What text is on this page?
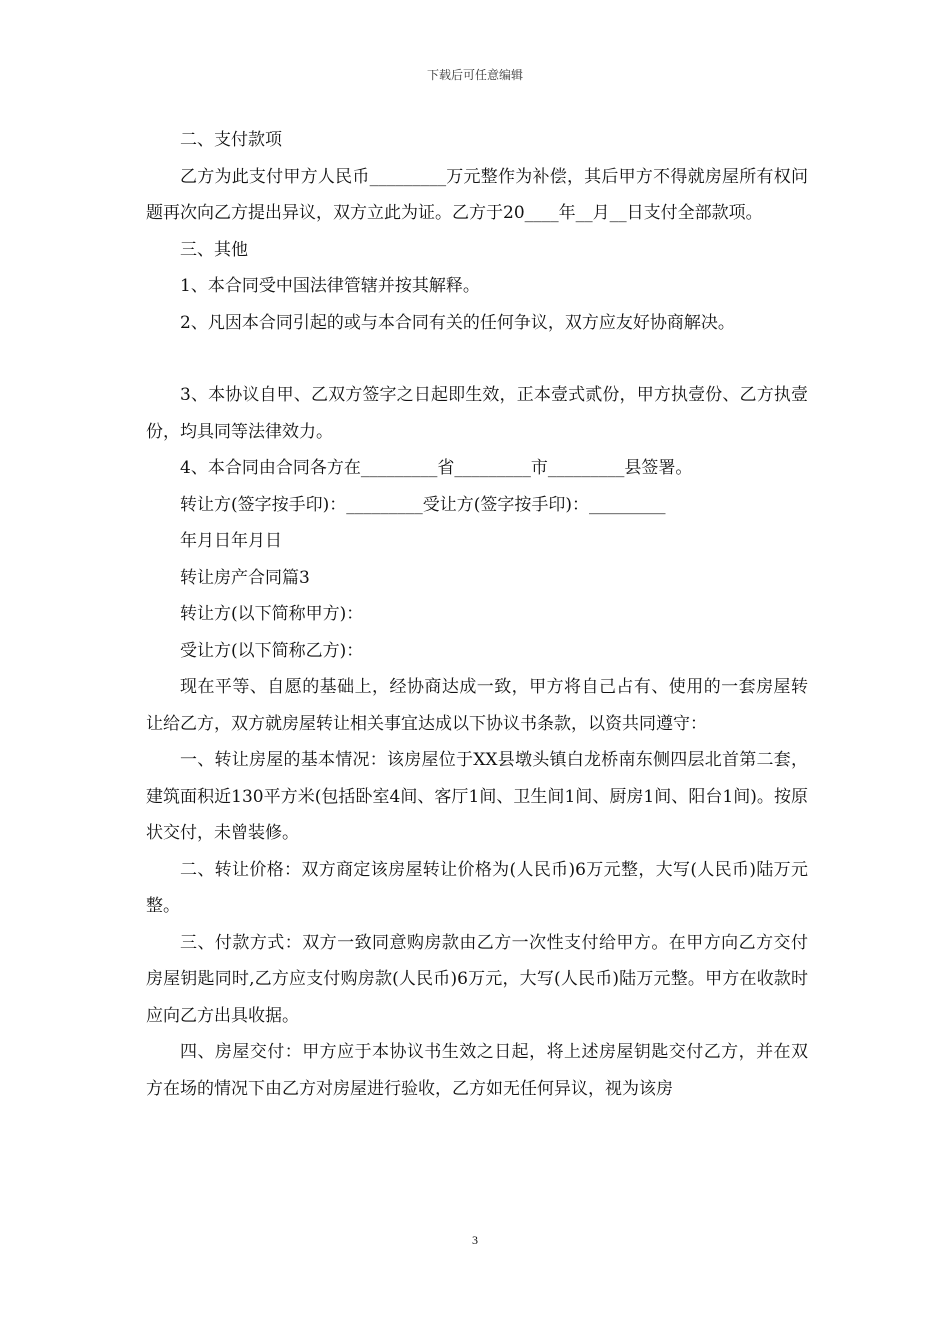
下载后可任意编辑

二、支付款项

乙方为此支付甲方人民币_________万元整作为补偿，其后甲方不得就房屋所有权问题再次向乙方提出异议，双方立此为证。乙方于20____年__月__日支付全部款项。

三、其他

1、本合同受中国法律管辖并按其解释。

2、凡因本合同引起的或与本合同有关的任何争议，双方应友好协商解决。

3、本协议自甲、乙双方签字之日起即生效，正本壹式贰份，甲方执壹份、乙方执壹份，均具同等法律效力。

4、本合同由合同各方在_________省_________市_________县签署。

转让方(签字按手印)：_________受让方(签字按手印)：_________

年月日年月日

转让房产合同篇3

转让方(以下简称甲方)：

受让方(以下简称乙方)：

现在平等、自愿的基础上，经协商达成一致，甲方将自己占有、使用的一套房屋转让给乙方，双方就房屋转让相关事宜达成以下协议书条款，以资共同遵守：

一、转让房屋的基本情况：该房屋位于XX县墩头镇白龙桥南东侧四层北首第二套，建筑面积近130平方米(包括卧室4间、客厅1间、卫生间1间、厨房1间、阳台1间)。按原状交付，未曾装修。

二、转让价格：双方商定该房屋转让价格为(人民币)6万元整，大写(人民币)陆万元整。

三、付款方式：双方一致同意购房款由乙方一次性支付给甲方。在甲方向乙方交付房屋钥匙同时,乙方应支付购房款(人民币)6万元，大写(人民币)陆万元整。甲方在收款时应向乙方出具收据。

四、房屋交付：甲方应于本协议书生效之日起，将上述房屋钥匙交付乙方，并在双方在场的情况下由乙方对房屋进行验收，乙方如无任何异议，视为该房

3
